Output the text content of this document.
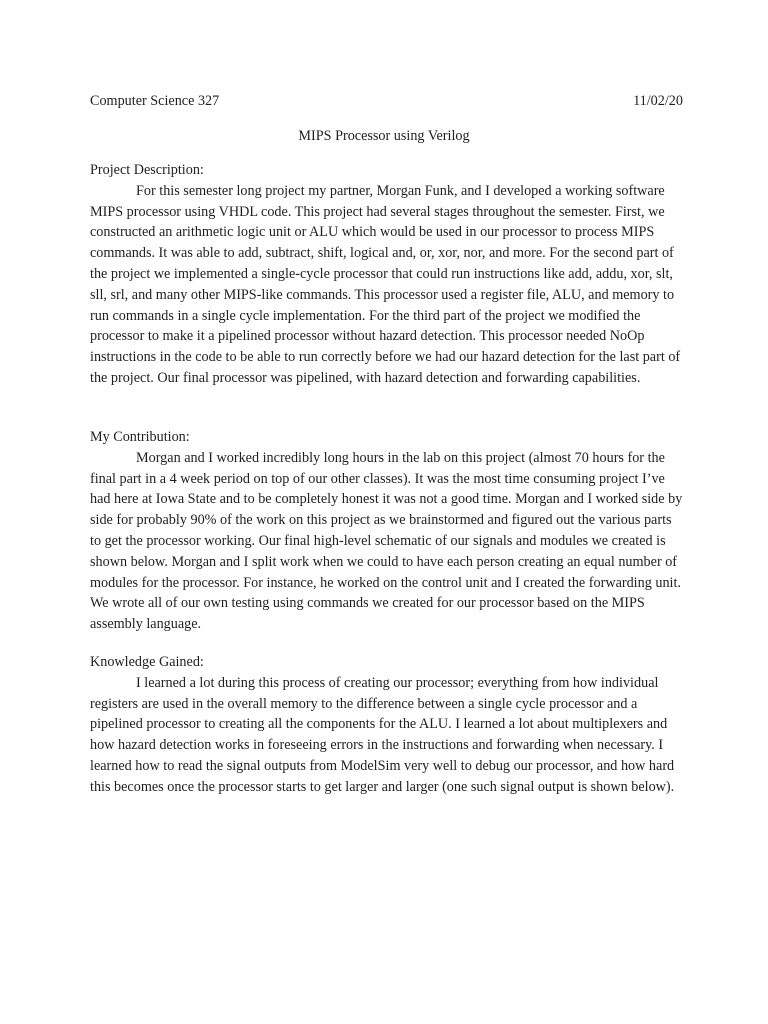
Computer Science 327	11/02/20
MIPS Processor using Verilog

Project Description:

For this semester long project my partner, Morgan Funk, and I developed a working software MIPS processor using VHDL code. This project had several stages throughout the semester. First, we constructed an arithmetic logic unit or ALU which would be used in our processor to process MIPS commands. It was able to add, subtract, shift, logical and, or, xor, nor, and more. For the second part of the project we implemented a single-cycle processor that could run instructions like add, addu, xor, slt, sll, srl, and many other MIPS-like commands. This processor used a register file, ALU, and memory to run commands in a single cycle implementation. For the third part of the project we modified the processor to make it a pipelined processor without hazard detection. This processor needed NoOp instructions in the code to be able to run correctly before we had our hazard detection for the last part of the project. Our final processor was pipelined, with hazard detection and forwarding capabilities.

My Contribution:

Morgan and I worked incredibly long hours in the lab on this project (almost 70 hours for the final part in a 4 week period on top of our other classes). It was the most time consuming project I’ve had here at Iowa State and to be completely honest it was not a good time. Morgan and I worked side by side for probably 90% of the work on this project as we brainstormed and figured out the various parts to get the processor working. Our final high-level schematic of our signals and modules we created is shown below. Morgan and I split work when we could to have each person creating an equal number of modules for the processor. For instance, he worked on the control unit and I created the forwarding unit. We wrote all of our own testing using commands we created for our processor based on the MIPS assembly language.

Knowledge Gained:

I learned a lot during this process of creating our processor; everything from how individual registers are used in the overall memory to the difference between a single cycle processor and a pipelined processor to creating all the components for the ALU. I learned a lot about multiplexers and how hazard detection works in foreseeing errors in the instructions and forwarding when necessary. I learned how to read the signal outputs from ModelSim very well to debug our processor, and how hard this becomes once the processor starts to get larger and larger (one such signal output is shown below).
